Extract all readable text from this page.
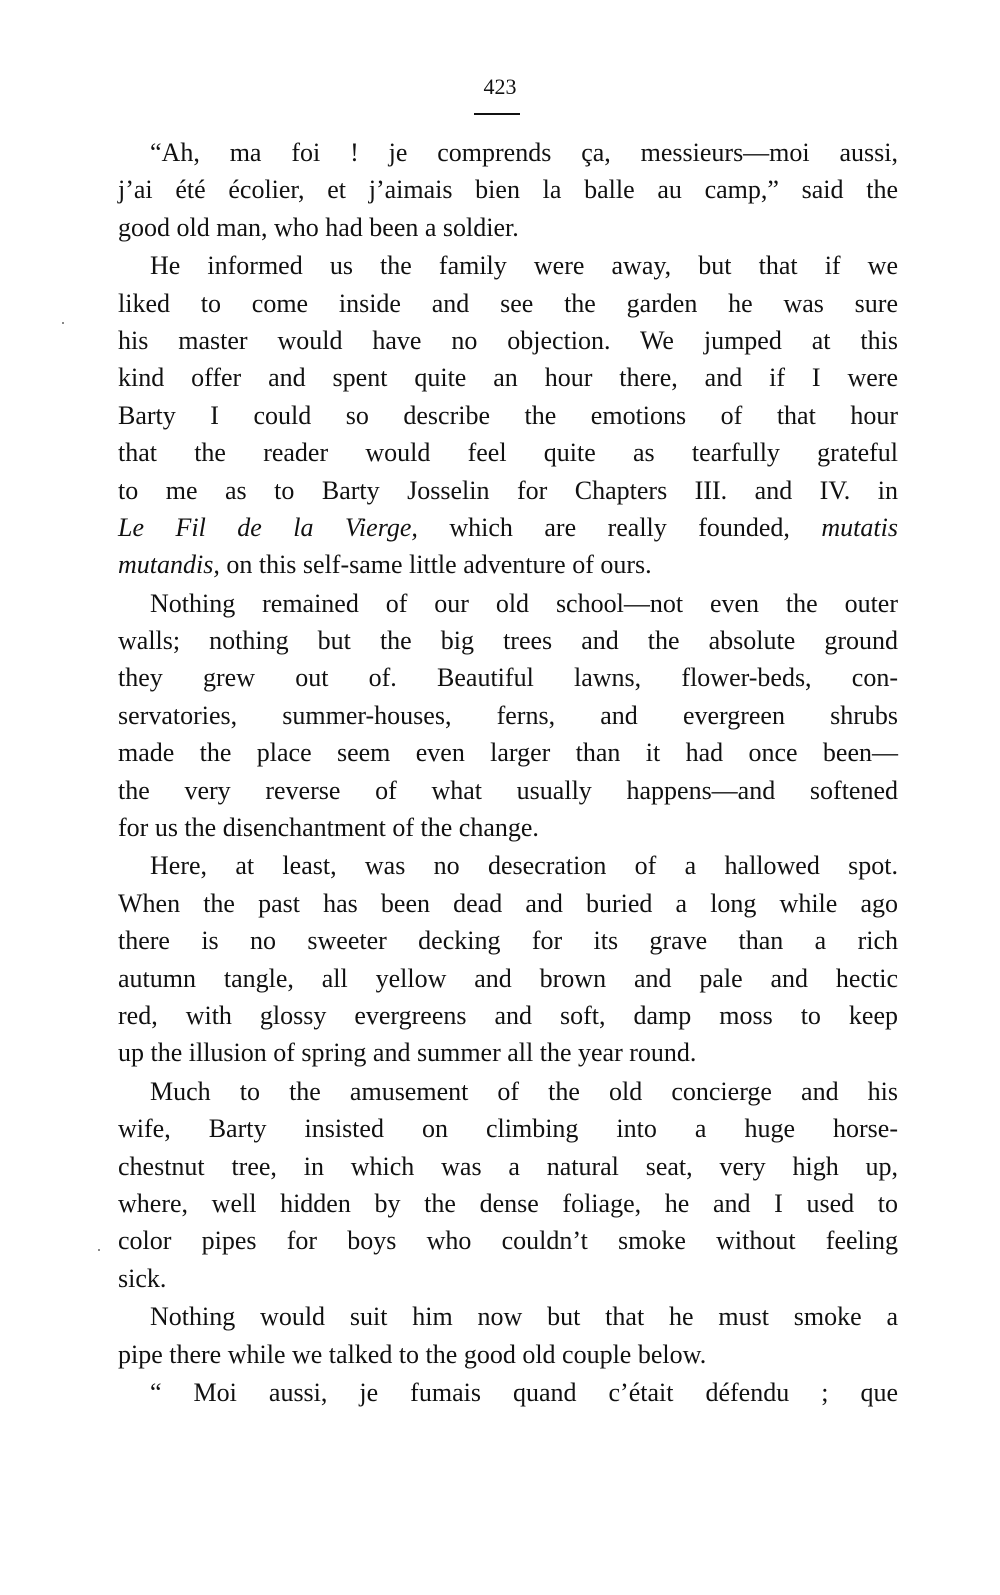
423
“Ah, ma foi ! je comprends ça, messieurs—moi aussi,
j’ai été écolier, et j’aimais bien la balle au camp,” said the
good old man, who had been a soldier.
He informed us the family were away, but that if we
liked to come inside and see the garden he was sure
his master would have no objection. We jumped at this
kind offer and spent quite an hour there, and if I were
Barty I could so describe the emotions of that hour
that the reader would feel quite as tearfully grateful
to me as to Barty Josselin for Chapters III. and IV. in
Le Fil de la Vierge, which are really founded, mutatis
mutandis, on this self-same little adventure of ours.
Nothing remained of our old school—not even the outer
walls; nothing but the big trees and the absolute ground
they grew out of. Beautiful lawns, flower-beds, con-
servatories, summer-houses, ferns, and evergreen shrubs
made the place seem even larger than it had once been—
the very reverse of what usually happens—and softened
for us the disenchantment of the change.
Here, at least, was no desecration of a hallowed spot.
When the past has been dead and buried a long while ago
there is no sweeter decking for its grave than a rich
autumn tangle, all yellow and brown and pale and hectic
red, with glossy evergreens and soft, damp moss to keep
up the illusion of spring and summer all the year round.
Much to the amusement of the old concierge and his
wife, Barty insisted on climbing into a huge horse-
chestnut tree, in which was a natural seat, very high up,
where, well hidden by the dense foliage, he and I used to
color pipes for boys who couldn’t smoke without feeling
sick.
Nothing would suit him now but that he must smoke a
pipe there while we talked to the good old couple below.
“ Moi aussi, je fumais quand c’était défendu ; que
